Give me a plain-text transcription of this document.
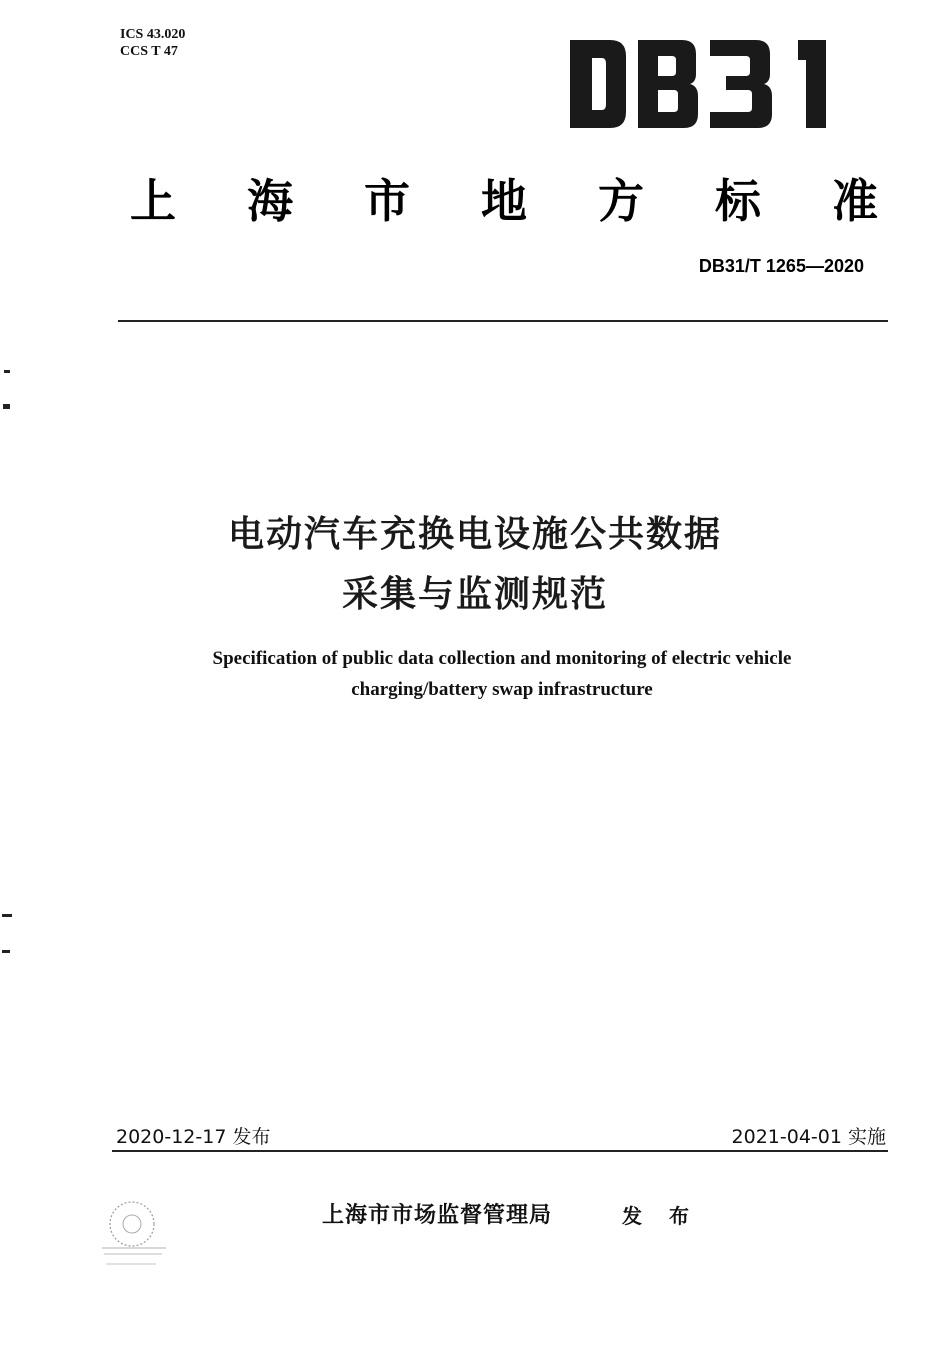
ICS 43.020
CCS T 47
上 海 市 地 方 标 准
DB31/T 1265—2020
电动汽车充换电设施公共数据
采集与监测规范
Specification of public data collection and monitoring of electric vehicle
charging/battery swap infrastructure
2020-12-17 发布	2021-04-01 实施
上海市市场监督管理局	发 布
